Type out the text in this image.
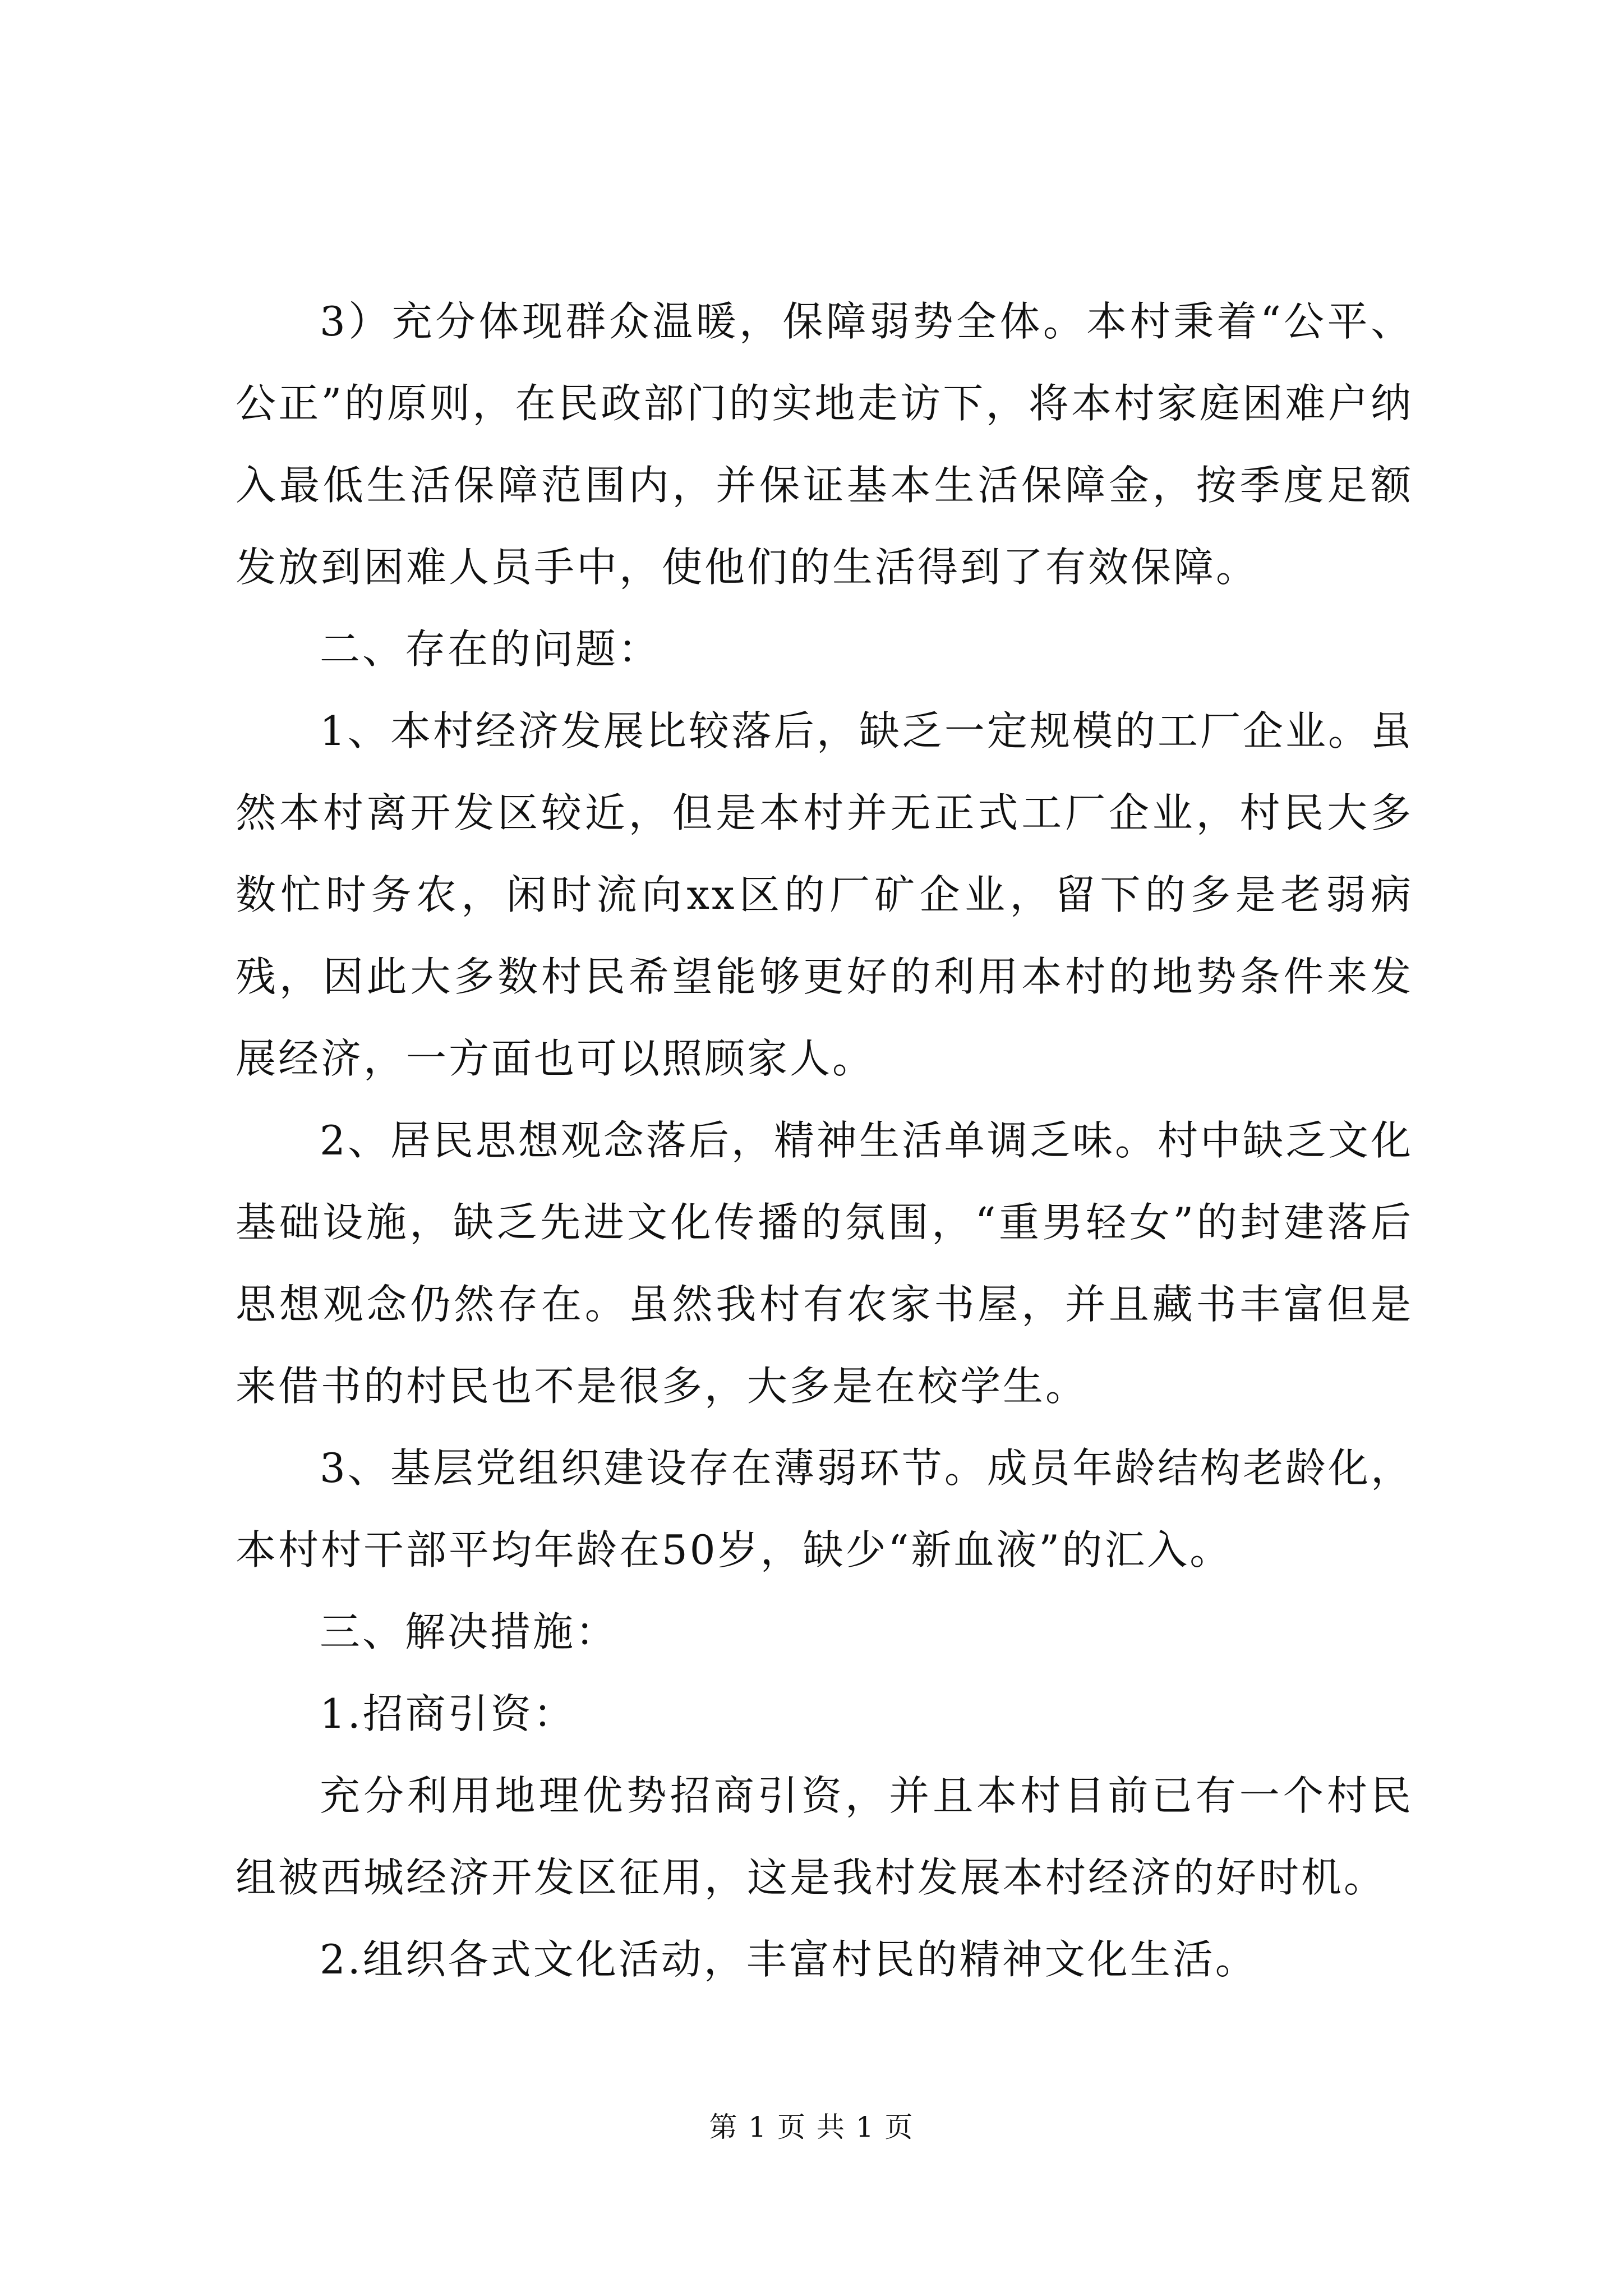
3）充分体现群众温暖，保障弱势全体。本村秉着“公平、公正”的原则，在民政部门的实地走访下，将本村家庭困难户纳入最低生活保障范围内，并保证基本生活保障金，按季度足额发放到困难人员手中，使他们的生活得到了有效保障。

二、存在的问题：

1、本村经济发展比较落后，缺乏一定规模的工厂企业。虽然本村离开发区较近，但是本村并无正式工厂企业，村民大多数忙时务农，闲时流向xx区的厂矿企业，留下的多是老弱病残，因此大多数村民希望能够更好的利用本村的地势条件来发展经济，一方面也可以照顾家人。

2、居民思想观念落后，精神生活单调乏味。村中缺乏文化基础设施，缺乏先进文化传播的氛围，“重男轻女”的封建落后思想观念仍然存在。虽然我村有农家书屋，并且藏书丰富但是来借书的村民也不是很多，大多是在校学生。

3、基层党组织建设存在薄弱环节。成员年龄结构老龄化，本村村干部平均年龄在50岁，缺少“新血液”的汇入。

三、解决措施：

1.招商引资：

充分利用地理优势招商引资，并且本村目前已有一个村民组被西城经济开发区征用，这是我村发展本村经济的好时机。

2.组织各式文化活动，丰富村民的精神文化生活。

第 1 页 共 1 页
